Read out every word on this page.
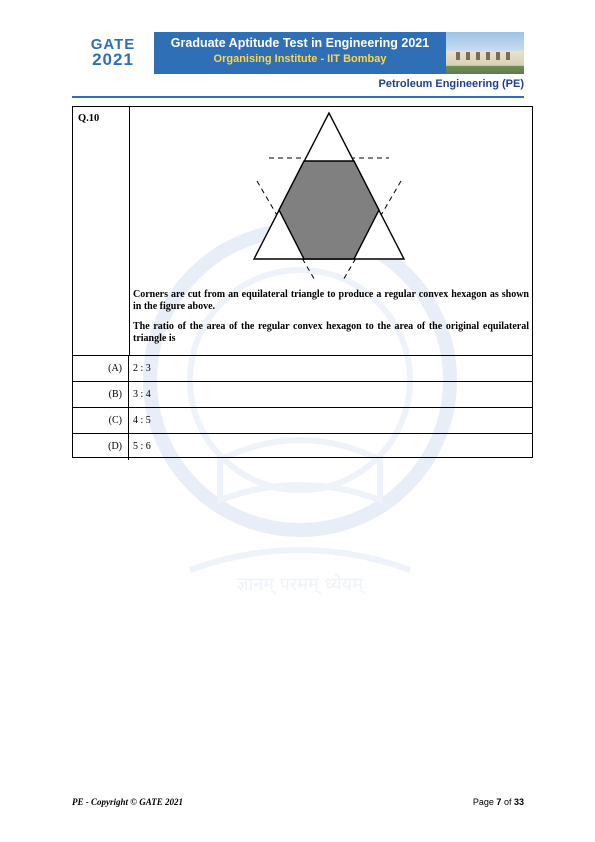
ज्ञानम् परमम् ध्येयम्
GATE
2021
Graduate Aptitude Test in Engineering 2021
Organising Institute - IIT Bombay
Petroleum Engineering (PE)
Q.10
Corners are cut from an equilateral triangle to produce a regular convex hexagon as shown in the figure above.
The ratio of the area of the regular convex hexagon to the area of the original equilateral triangle is
(A)	2 : 3
(B)	3 : 4
(C)	4 : 5
(D)	5 : 6
PE - Copyright © GATE 2021	Page 7 of 33
